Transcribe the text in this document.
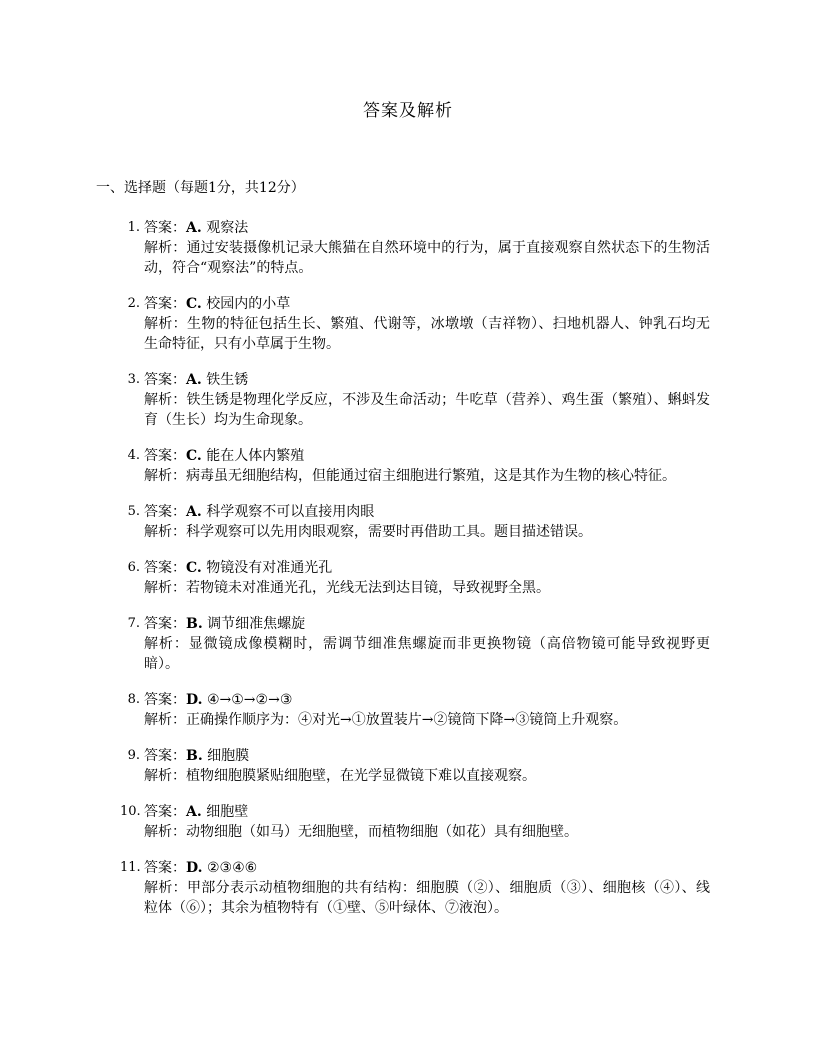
答案及解析
一、选择题（每题1分，共12分）
1. 答案：A. 观察法
解析：通过安装摄像机记录大熊猫在自然环境中的行为，属于直接观察自然状态下的生物活动，符合“观察法”的特点。
2. 答案：C. 校园内的小草
解析：生物的特征包括生长、繁殖、代谢等，冰墩墩（吉祥物）、扫地机器人、钟乳石均无生命特征，只有小草属于生物。
3. 答案：A. 铁生锈
解析：铁生锈是物理化学反应，不涉及生命活动；牛吃草（营养）、鸡生蛋（繁殖）、蝌蚪发育（生长）均为生命现象。
4. 答案：C. 能在人体内繁殖
解析：病毒虽无细胞结构，但能通过宿主细胞进行繁殖，这是其作为生物的核心特征。
5. 答案：A. 科学观察不可以直接用肉眼
解析：科学观察可以先用肉眼观察，需要时再借助工具。题目描述错误。
6. 答案：C. 物镜没有对准通光孔
解析：若物镜未对准通光孔，光线无法到达目镜，导致视野全黑。
7. 答案：B. 调节细准焦螺旋
解析：显微镜成像模糊时，需调节细准焦螺旋而非更换物镜（高倍物镜可能导致视野更暗）。
8. 答案：D. ④→①→②→③
解析：正确操作顺序为：④对光→①放置装片→②镜筒下降→③镜筒上升观察。
9. 答案：B. 细胞膜
解析：植物细胞膜紧贴细胞壁，在光学显微镜下难以直接观察。
10. 答案：A. 细胞壁
解析：动物细胞（如马）无细胞壁，而植物细胞（如花）具有细胞壁。
11. 答案：D. ②③④⑥
解析：甲部分表示动植物细胞的共有结构：细胞膜（②）、细胞质（③）、细胞核（④）、线粒体（⑥）；其余为植物特有（①壁、⑤叶绿体、⑦液泡）。
